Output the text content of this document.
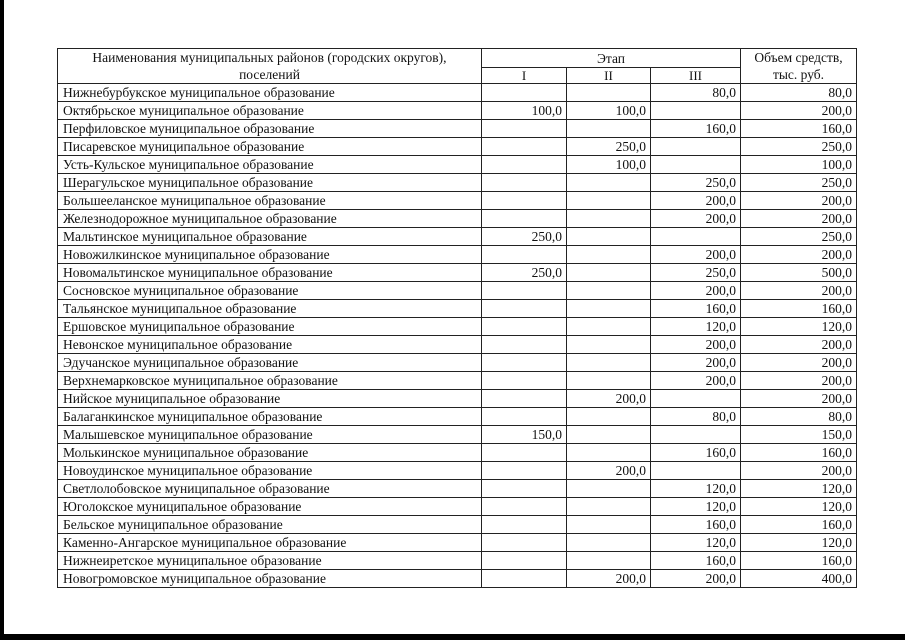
Наименования муниципальных районов (городских округов), поселений	Этап			Объем средств, тыс. руб.
	I	II	III	
Нижнебурбукское муниципальное образование			80,0	80,0
Октябрьское муниципальное образование	100,0	100,0		200,0
Перфиловское муниципальное образование			160,0	160,0
Писаревское муниципальное образование		250,0		250,0
Усть-Кульское муниципальное образование		100,0		100,0
Шерагульское муниципальное образование			250,0	250,0
Большееланское муниципальное образование			200,0	200,0
Железнодорожное муниципальное образование			200,0	200,0
Мальтинское муниципальное образование	250,0			250,0
Новожилкинское муниципальное образование			200,0	200,0
Новомальтинское муниципальное образование	250,0		250,0	500,0
Сосновское муниципальное образование			200,0	200,0
Тальянское муниципальное образование			160,0	160,0
Ершовское муниципальное образование			120,0	120,0
Невонское муниципальное образование			200,0	200,0
Эдучанское муниципальное образование			200,0	200,0
Верхнемарковское муниципальное образование			200,0	200,0
Нийское муниципальное образование		200,0		200,0
Балаганкинское муниципальное образование			80,0	80,0
Малышевское муниципальное образование	150,0			150,0
Молькинское муниципальное образование			160,0	160,0
Новоудинское муниципальное образование		200,0		200,0
Светлолобовское муниципальное образование			120,0	120,0
Юголокское муниципальное образование			120,0	120,0
Бельское муниципальное образование			160,0	160,0
Каменно-Ангарское муниципальное образование			120,0	120,0
Нижнеиретское муниципальное образование			160,0	160,0
Новогромовское муниципальное образование		200,0	200,0	400,0
